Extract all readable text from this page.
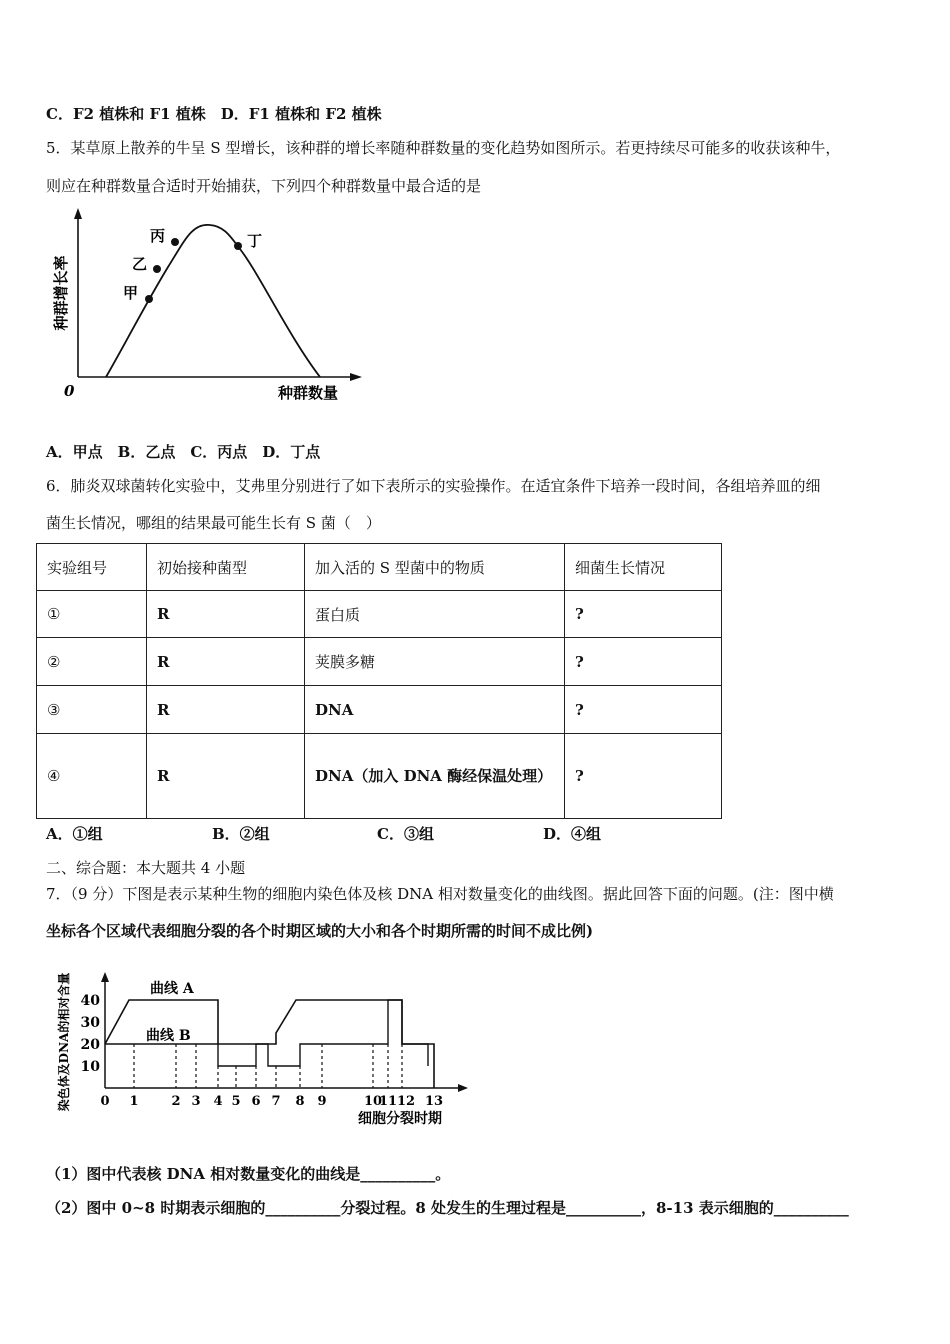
C．F2 植株和 F1 植株　D．F1 植株和 F2 植株
5．某草原上散养的牛呈 S 型增长，该种群的增长率随种群数量的变化趋势如图所示。若更持续尽可能多的收获该种牛，
则应在种群数量合适时开始捕获，下列四个种群数量中最合适的是
甲
乙
丙	丁
0	种群数量
种群增长率
A．甲点　B．乙点　C．丙点　D．丁点
6．肺炎双球菌转化实验中，艾弗里分别进行了如下表所示的实验操作。在适宜条件下培养一段时间，各组培养皿的细
菌生长情况，哪组的结果最可能生长有 S 菌（　）
实验组号	初始接种菌型	加入活的 S 型菌中的物质	细菌生长情况
①	R	蛋白质	?
②	R	荚膜多糖	?
③	R	DNA	?
④	R	DNA（加入 DNA 酶经保温处理）	?
A．①组	B．②组	C．③组	D．④组
二、综合题：本大题共 4 小题
7．（9 分）下图是表示某种生物的细胞内染色体及核 DNA 相对数量变化的曲线图。据此回答下面的问题。(注：图中横
坐标各个区域代表细胞分裂的各个时期区域的大小和各个时期所需的时间不成比例)
40
30
20
10
0 1	2 3 4 5 6 7 8 9	10
11 12 13
曲线 A
曲线 B
细胞分裂时期
染色体及DNA的相对含量
（1）图中代表核 DNA 相对数量变化的曲线是__________。
（2）图中 0~8 时期表示细胞的__________分裂过程。8 处发生的生理过程是__________，8-13 表示细胞的__________
